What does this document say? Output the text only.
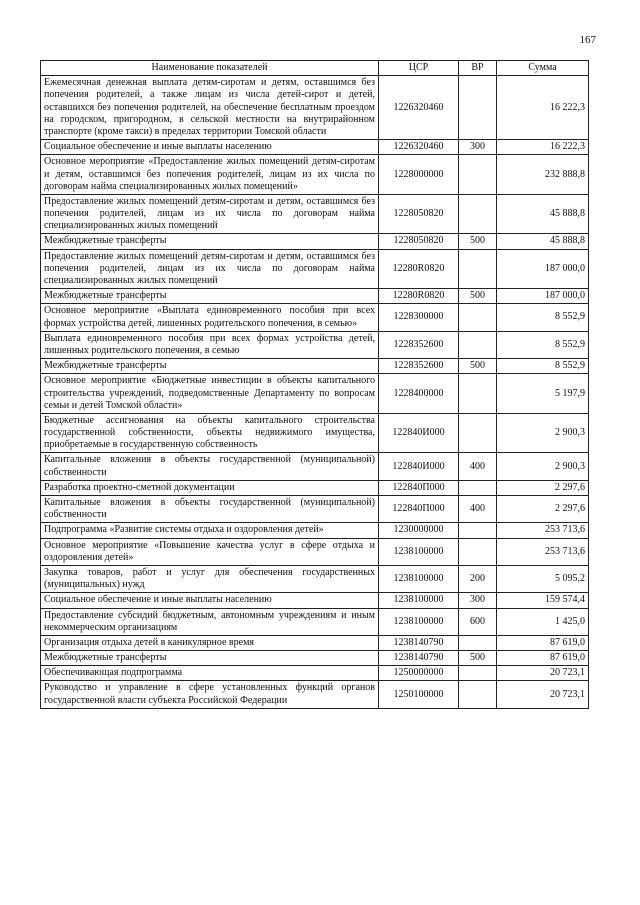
167
Наименование показателей	ЦСР	ВР	Сумма
Ежемесячная денежная выплата детям-сиротам и детям, оставшимся без попечения родителей, а также лицам из числа детей-сирот и детей, оставшихся без попечения родителей, на обеспечение бесплатным проездом на городском, пригородном, в сельской местности на внутрирайонном транспорте (кроме такси) в пределах территории Томской области	1226320460		16 222,3
Социальное обеспечение и иные выплаты населению	1226320460	300	16 222,3
Основное мероприятие «Предоставление жилых помещений детям-сиротам и детям, оставшимся без попечения родителей, лицам из их числа по договорам найма специализированных жилых помещений»	1228000000		232 888,8
Предоставление жилых помещений детям-сиротам и детям, оставшимся без попечения родителей, лицам из их числа по договорам найма специализированных жилых помещений	1228050820		45 888,8
Межбюджетные трансферты	1228050820	500	45 888,8
Предоставление жилых помещений детям-сиротам и детям, оставшимся без попечения родителей, лицам из их числа по договорам найма специализированных жилых помещений	12280R0820		187 000,0
Межбюджетные трансферты	12280R0820	500	187 000,0
Основное мероприятие «Выплата единовременного пособия при всех формах устройства детей, лишенных родительского попечения, в семью»	1228300000		8 552,9
Выплата единовременного пособия при всех формах устройства детей, лишенных родительского попечения, в семью	1228352600		8 552,9
Межбюджетные трансферты	1228352600	500	8 552,9
Основное мероприятие «Бюджетные инвестиции в объекты капитального строительства учреждений, подведомственные Департаменту по вопросам семьи и детей Томской области»	1228400000		5 197,9
Бюджетные ассигнования на объекты капитального строительства государственной собственности, объекты недвижимого имущества, приобретаемые в государственную собственность	122840И000		2 900,3
Капитальные вложения в объекты государственной (муниципальной) собственности	122840И000	400	2 900,3
Разработка проектно-сметной документации	122840П000		2 297,6
Капитальные вложения в объекты государственной (муниципальной) собственности	122840П000	400	2 297,6
Подпрограмма «Развитие системы отдыха и оздоровления детей»	1230000000		253 713,6
Основное мероприятие «Повышение качества услуг в сфере отдыха и оздоровления детей»	1238100000		253 713,6
Закупка товаров, работ и услуг для обеспечения государственных (муниципальных) нужд	1238100000	200	5 095,2
Социальное обеспечение и иные выплаты населению	1238100000	300	159 574,4
Предоставление субсидий бюджетным, автономным учреждениям и иным некоммерческим организациям	1238100000	600	1 425,0
Организация отдыха детей в каникулярное время	1238140790		87 619,0
Межбюджетные трансферты	1238140790	500	87 619,0
Обеспечивающая подпрограмма	1250000000		20 723,1
Руководство и управление в сфере установленных функций органов государственной власти субъекта Российской Федерации	1250100000		20 723,1
